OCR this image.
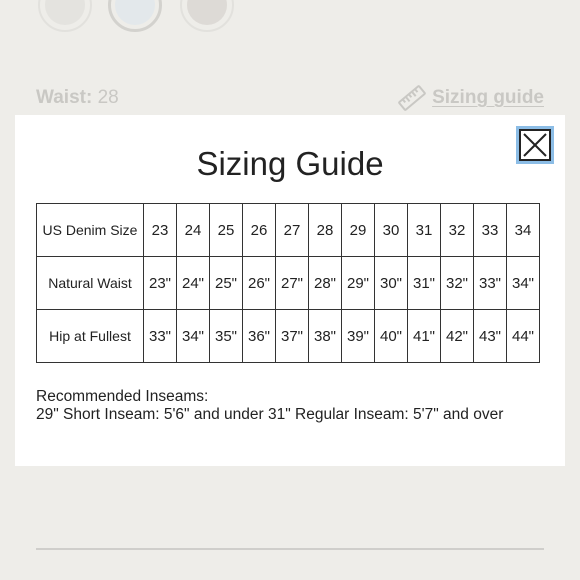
Waist: 28	Sizing guide
Sizing Guide
US Denim Size	23	24	25	26	27	28	29	30	31	32	33	34
Natural Waist	23"	24"	25"	26"	27"	28"	29"	30"	31"	32"	33"	34"
Hip at Fullest	33"	34"	35"	36"	37"	38"	39"	40"	41"	42"	43"	44"
Recommended Inseams:
29" Short Inseam: 5'6" and under 31" Regular Inseam: 5'7" and over
